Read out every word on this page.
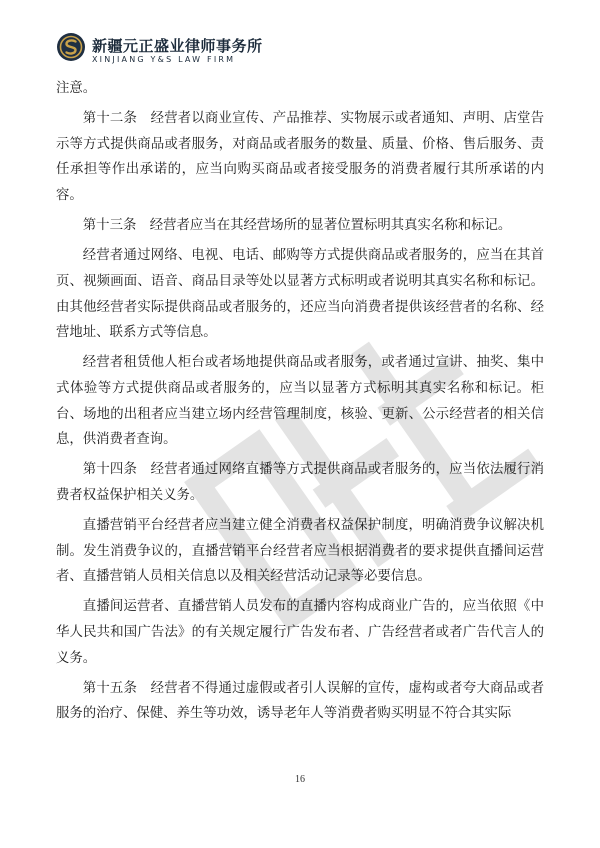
新疆元正盛业律师事务所
XINJIANG Y&S LAW FIRM

注意。

第十二条　经营者以商业宣传、产品推荐、实物展示或者通知、声明、店堂告示等方式提供商品或者服务，对商品或者服务的数量、质量、价格、售后服务、责任承担等作出承诺的，应当向购买商品或者接受服务的消费者履行其所承诺的内容。

第十三条　经营者应当在其经营场所的显著位置标明其真实名称和标记。

经营者通过网络、电视、电话、邮购等方式提供商品或者服务的，应当在其首页、视频画面、语音、商品目录等处以显著方式标明或者说明其真实名称和标记。由其他经营者实际提供商品或者服务的，还应当向消费者提供该经营者的名称、经营地址、联系方式等信息。

经营者租赁他人柜台或者场地提供商品或者服务，或者通过宣讲、抽奖、集中式体验等方式提供商品或者服务的，应当以显著方式标明其真实名称和标记。柜台、场地的出租者应当建立场内经营管理制度，核验、更新、公示经营者的相关信息，供消费者查询。

第十四条　经营者通过网络直播等方式提供商品或者服务的，应当依法履行消费者权益保护相关义务。

直播营销平台经营者应当建立健全消费者权益保护制度，明确消费争议解决机制。发生消费争议的，直播营销平台经营者应当根据消费者的要求提供直播间运营者、直播营销人员相关信息以及相关经营活动记录等必要信息。

直播间运营者、直播营销人员发布的直播内容构成商业广告的，应当依照《中华人民共和国广告法》的有关规定履行广告发布者、广告经营者或者广告代言人的义务。

第十五条　经营者不得通过虚假或者引人误解的宣传，虚构或者夸大商品或者服务的治疗、保健、养生等功效，诱导老年人等消费者购买明显不符合其实际

16
